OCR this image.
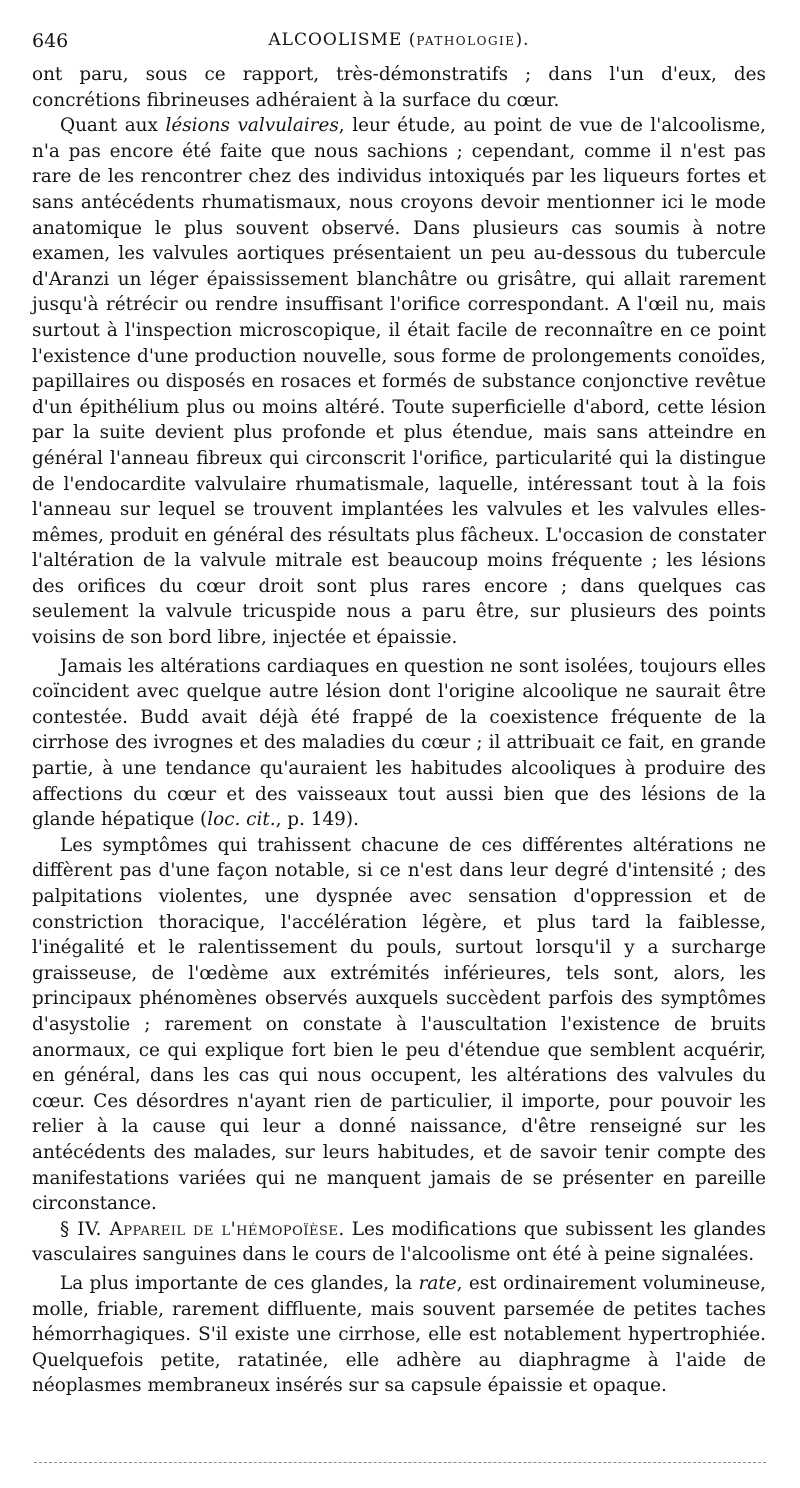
646	ALCOOLISME (PATHOLOGIE).

ont paru, sous ce rapport, très-démonstratifs ; dans l'un d'eux, des concrétions fibrineuses adhéraient à la surface du cœur.

Quant aux lésions valvulaires, leur étude, au point de vue de l'alcoolisme, n'a pas encore été faite que nous sachions ; cependant, comme il n'est pas rare de les rencontrer chez des individus intoxiqués par les liqueurs fortes et sans antécédents rhumatismaux, nous croyons devoir mentionner ici le mode anatomique le plus souvent observé. Dans plusieurs cas soumis à notre examen, les valvules aortiques présentaient un peu au-dessous du tubercule d'Aranzi un léger épaississement blanchâtre ou grisâtre, qui allait rarement jusqu'à rétrécir ou rendre insuffisant l'orifice correspondant. A l'œil nu, mais surtout à l'inspection microscopique, il était facile de reconnaître en ce point l'existence d'une production nouvelle, sous forme de prolongements conoïdes, papillaires ou disposés en rosaces et formés de substance conjonctive revêtue d'un épithélium plus ou moins altéré. Toute superficielle d'abord, cette lésion par la suite devient plus profonde et plus étendue, mais sans atteindre en général l'anneau fibreux qui circonscrit l'orifice, particularité qui la distingue de l'endocardite valvulaire rhumatismale, laquelle, intéressant tout à la fois l'anneau sur lequel se trouvent implantées les valvules et les valvules elles-mêmes, produit en général des résultats plus fâcheux. L'occasion de constater l'altération de la valvule mitrale est beaucoup moins fréquente ; les lésions des orifices du cœur droit sont plus rares encore ; dans quelques cas seulement la valvule tricuspide nous a paru être, sur plusieurs des points voisins de son bord libre, injectée et épaissie.

Jamais les altérations cardiaques en question ne sont isolées, toujours elles coïncident avec quelque autre lésion dont l'origine alcoolique ne saurait être contestée. Budd avait déjà été frappé de la coexistence fréquente de la cirrhose des ivrognes et des maladies du cœur ; il attribuait ce fait, en grande partie, à une tendance qu'auraient les habitudes alcooliques à produire des affections du cœur et des vaisseaux tout aussi bien que des lésions de la glande hépatique (loc. cit., p. 149).

Les symptômes qui trahissent chacune de ces différentes altérations ne diffèrent pas d'une façon notable, si ce n'est dans leur degré d'intensité ; des palpitations violentes, une dyspnée avec sensation d'oppression et de constriction thoracique, l'accélération légère, et plus tard la faiblesse, l'inégalité et le ralentissement du pouls, surtout lorsqu'il y a surcharge graisseuse, de l'œdème aux extrémités inférieures, tels sont, alors, les principaux phénomènes observés auxquels succèdent parfois des symptômes d'asystolie ; rarement on constate à l'auscultation l'existence de bruits anormaux, ce qui explique fort bien le peu d'étendue que semblent acquérir, en général, dans les cas qui nous occupent, les altérations des valvules du cœur. Ces désordres n'ayant rien de particulier, il importe, pour pouvoir les relier à la cause qui leur a donné naissance, d'être renseigné sur les antécédents des malades, sur leurs habitudes, et de savoir tenir compte des manifestations variées qui ne manquent jamais de se présenter en pareille circonstance.

§ IV. Appareil de l'hémopoïèse. Les modifications que subissent les glandes vasculaires sanguines dans le cours de l'alcoolisme ont été à peine signalées.

La plus importante de ces glandes, la rate, est ordinairement volumineuse, molle, friable, rarement diffluente, mais souvent parsemée de petites taches hémorrhagiques. S'il existe une cirrhose, elle est notablement hypertrophiée. Quelquefois petite, ratatinée, elle adhère au diaphragme à l'aide de néoplasmes membraneux insérés sur sa capsule épaissie et opaque.
